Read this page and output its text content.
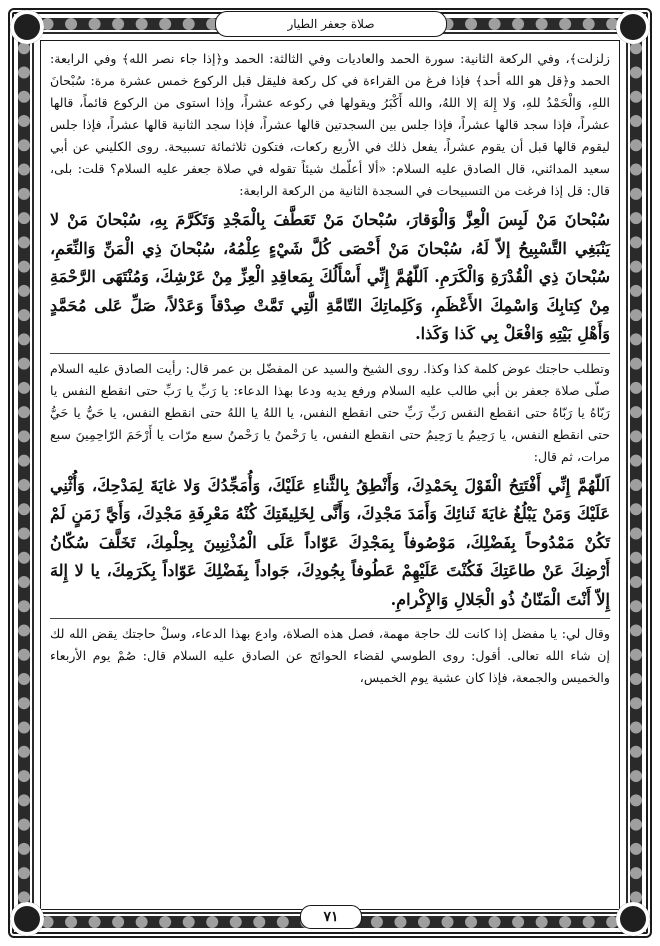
صلاة جعفر الطيار

زلزلت﴾، وفي الركعة الثانية: سورة الحمد والعاديات وفي الثالثة: الحمد و﴿إذا جاء نصر الله﴾ وفي الرابعة: الحمد و﴿قل هو الله أحد﴾ فإذا فرغ من القراءة في كل ركعة فليقل قبل الركوع خمس عشرة مرة: سُبْحانَ اللهِ، وَالْحَمْدُ للهِ، وَلا إِلهَ إلا اللهُ، والله أَكْبَرُ ويقولها في ركوعه عشراً، وإذا استوى من الركوع قائماً، قالها عشراً، فإذا سجد قالها عشراً، فإذا جلس بين السجدتين قالها عشراً، فإذا سجد الثانية قالها عشراً، فإذا جلس ليقوم قالها قبل أن يقوم عشراً، يفعل ذلك في الأربع ركعات، فتكون ثلاثمائة تسبيحة. روى الكليني عن أبي سعيد المدائني، قال الصادق عليه السلام: «ألا أعلّمك شيئاً تقوله في صلاة جعفر عليه السلام؟ قلت: بلى، قال: قل إذا فرغت من التسبيحات في السجدة الثانية من الركعة الرابعة:

سُبْحانَ مَنْ لَبِسَ الْعِزَّ وَالْوَقارَ، سُبْحانَ مَنْ تَعَطَّفَ بِالْمَجْدِ وَتَكَرَّمَ بِهِ، سُبْحانَ مَنْ لا يَنْبَغِي التَّسْبِيحُ إلاّ لَهُ، سُبْحانَ مَنْ أَحْصَى كُلَّ شَيْءٍ عِلْمُهُ، سُبْحانَ ذِي الْمَنِّ وَالنِّعَمِ، سُبْحانَ ذِي الْقُدْرَةِ وَالْكَرَمِ. اَللّهُمَّ إِنِّي أَسْأَلُكَ بِمَعاقِدِ الْعِزِّ مِنْ عَرْشِكَ، وَمُنْتَهَى الرَّحْمَةِ مِنْ كِتابِكَ وَاسْمِكَ الأَعْظَمِ، وَكَلِماتِكَ التّامَّةِ الَّتِي تَمَّتْ صِدْقاً وَعَدْلاً، صَلِّ عَلى مُحَمَّدٍ وَأَهْلِ بَيْتِهِ وَافْعَلْ بِي كَذا وَكَذا.

وتطلب حاجتك عوض كلمة كذا وكذا. روى الشيخ والسيد عن المفضّل بن عمر قال: رأيت الصادق عليه السلام صلّى صلاة جعفر بن أبي طالب عليه السلام ورفع يديه ودعا بهذا الدعاء: يا رَبِّ يا رَبِّ حتى انقطع النفس يا رَبّاهُ يا رَبّاهُ حتى انقطع النفس رَبِّ رَبِّ حتى انقطع النفس، يا اللهُ يا اللهُ حتى انقطع النفس، يا حَيُّ يا حَيُّ حتى انقطع النفس، يا رَحِيمُ يا رَحِيمُ حتى انقطع النفس، يا رَحْمنُ يا رَحْمنُ سبع مرّات يا أَرْحَمَ الرّاحِمِينَ سبع مرات، ثم قال:

اَللّهُمَّ إِنِّي أَفْتَتِحُ الْقَوْلَ بِحَمْدِكَ، وَأَنْطِقُ بِالثَّناءِ عَلَيْكَ، وَأُمَجِّدُكَ وَلا غايَةَ لِمَدْحِكَ، وَأُثْنِي عَلَيْكَ وَمَنْ يَبْلُغُ غايَةَ ثَنائِكَ وَأَمَدَ مَجْدِكَ، وَأَنَّى لِخَلِيقَتِكَ كُنْهُ مَعْرِفَةِ مَجْدِكَ، وَأَيَّ زَمَنٍ لَمْ تَكُنْ مَمْدُوحاً بِفَضْلِكَ، مَوْصُوفاً بِمَجْدِكَ عَوّاداً عَلَى الْمُذْنِبِينَ بِحِلْمِكَ، تَخَلَّفَ سُكّانُ أَرْضِكَ عَنْ طاعَتِكَ فَكُنْتَ عَلَيْهِمْ عَطُوفاً بِجُودِكَ، جَواداً بِفَضْلِكَ عَوّاداً بِكَرَمِكَ، يا لا إِلهَ إِلاّ أَنْتَ الْمَنّانُ ذُو الْجَلالِ وَالإِكْرامِ.

وقال لي: يا مفضل إذا كانت لك حاجة مهمة، فصل هذه الصلاة، وادع بهذا الدعاء، وسلْ حاجتك يقض الله لك إن شاء الله تعالى. أقول: روى الطوسي لقضاء الحوائج عن الصادق عليه السلام قال: صُمْ يوم الأربعاء والخميس والجمعة، فإذا كان عشية يوم الخميس،

٧١
